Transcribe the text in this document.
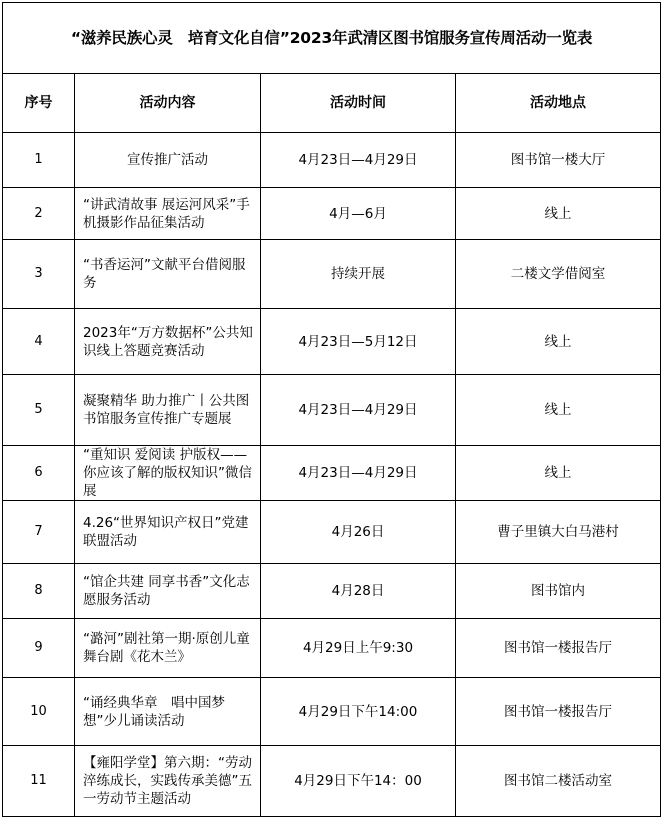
“滋养民族心灵　培育文化自信”2023年武清区图书馆服务宣传周活动一览表			
序号	活动内容	活动时间	活动地点
1	宣传推广活动	4月23日—4月29日	图书馆一楼大厅
2	“讲武清故事 展运河风采”手机摄影作品征集活动	4月—6月	线上
3	“书香运河”文献平台借阅服务	持续开展	二楼文学借阅室
4	2023年“万方数据杯”公共知识线上答题竞赛活动	4月23日—5月12日	线上
5	凝聚精华 助力推广丨公共图书馆服务宣传推广专题展	4月23日—4月29日	线上
6	“重知识 爱阅读 护版权——你应该了解的版权知识”微信展	4月23日—4月29日	线上
7	4.26“世界知识产权日”党建联盟活动	4月26日	曹子里镇大白马港村
8	“馆企共建 同享书香”文化志愿服务活动	4月28日	图书馆内
9	“潞河”剧社第一期·原创儿童舞台剧《花木兰》	4月29日上午9:30	图书馆一楼报告厅
10	“诵经典华章　唱中国梦想”少儿诵读活动	4月29日下午14:00	图书馆一楼报告厅
11	【雍阳学堂】第六期：“劳动淬练成长，实践传承美德”五一劳动节主题活动	4月29日下午14：00	图书馆二楼活动室
